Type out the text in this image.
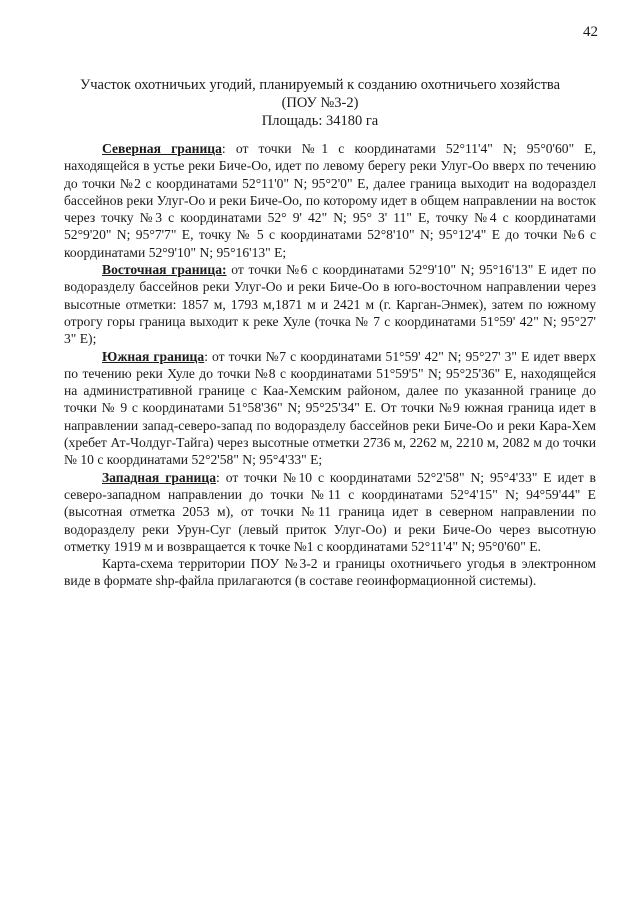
42
Участок охотничьих угодий, планируемый к созданию охотничьего хозяйства
(ПОУ №3-2)
Площадь: 34180 га

Северная граница: от точки №1 с координатами 52°11'4" N; 95°0'60" E, находящейся в устье реки Биче-Оо, идет по левому берегу реки Улуг-Оо вверх по течению до точки №2 с координатами 52°11'0" N; 95°2'0" E, далее граница выходит на водораздел бассейнов реки Улуг-Оо и реки Биче-Оо, по которому идет в общем направлении на восток через точку №3 с координатами 52° 9' 42" N; 95° 3' 11" E, точку №4 с координатами 52°9'20" N; 95°7'7" E, точку № 5 с координатами 52°8'10" N; 95°12'4" E до точки №6 с координатами 52°9'10" N; 95°16'13" E;

Восточная граница: от точки №6 с координатами 52°9'10" N; 95°16'13" E идет по водоразделу бассейнов реки Улуг-Оо и реки Биче-Оо в юго-восточном направлении через высотные отметки: 1857 м, 1793 м,1871 м и 2421 м (г. Карган-Энмек), затем по южному отрогу горы граница выходит к реке Хуле (точка № 7 с координатами 51°59' 42" N; 95°27' 3" E);

Южная граница: от точки №7 с координатами 51°59' 42" N; 95°27' 3" E идет вверх по течению реки Хуле до точки №8 с координатами 51°59'5" N; 95°25'36" E, находящейся на административной границе с Каа-Хемским районом, далее по указанной границе до точки № 9 с координатами 51°58'36" N; 95°25'34" E. От точки №9 южная граница идет в направлении запад-северо-запад по водоразделу бассейнов реки Биче-Оо и реки Кара-Хем (хребет Ат-Чолдуг-Тайга) через высотные отметки 2736 м, 2262 м, 2210 м, 2082 м до точки № 10 с координатами 52°2'58" N; 95°4'33" E;

Западная граница: от точки №10 с координатами 52°2'58" N; 95°4'33" E идет в северо-западном направлении до точки №11 с координатами 52°4'15" N; 94°59'44" E (высотная отметка 2053 м), от точки №11 граница идет в северном направлении по водоразделу реки Урун-Суг (левый приток Улуг-Оо) и реки Биче-Оо через высотную отметку 1919 м и возвращается к точке №1 с координатами 52°11'4" N; 95°0'60" E.

Карта-схема территории ПОУ №3-2 и границы охотничьего угодья в электронном виде в формате shp-файла прилагаются (в составе геоинформационной системы).
